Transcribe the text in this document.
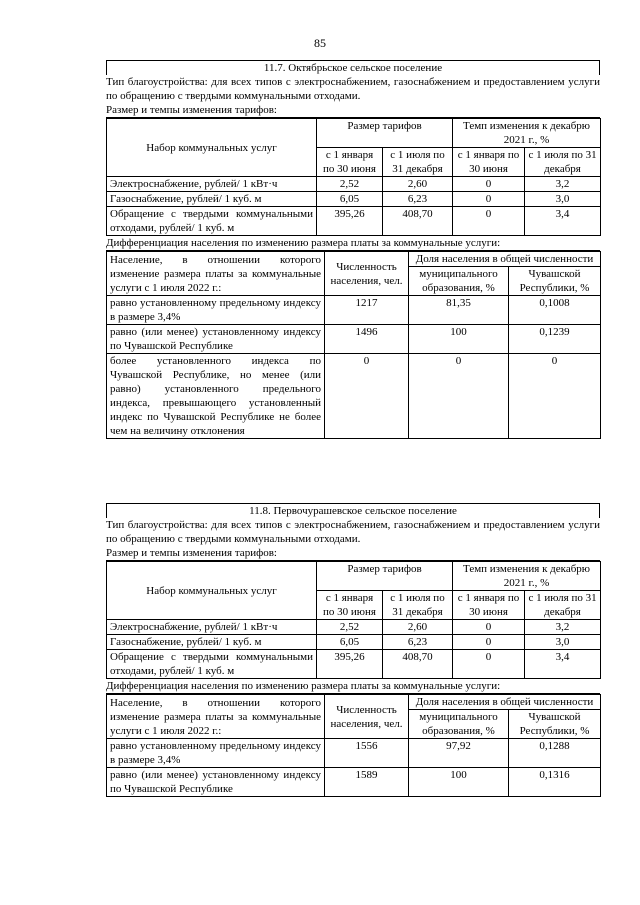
85
11.7. Октябрьское сельское поселение
Тип благоустройства: для всех типов с электроснабжением, газоснабжением и предоставлением услуги по обращению с твердыми коммунальными отходами.
Размер и темпы изменения тарифов:
Набор коммунальных услуг	Размер тарифов		Темп изменения к декабрю 2021 г., %	
	с 1 января по 30 июня	с 1 июля по 31 декабря	с 1 января по 30 июня	с 1 июля по 31 декабря
Электроснабжение, рублей/ 1 кВт·ч	2,52	2,60	0	3,2
Газоснабжение, рублей/ 1 куб. м	6,05	6,23	0	3,0
Обращение с твердыми коммунальными отходами, рублей/ 1 куб. м	395,26	408,70	0	3,4
Дифференциация населения по изменению размера платы за коммунальные услуги:
Население, в отношении которого изменение размера платы за коммунальные услуги с 1 июля 2022 г.:	Численность населения, чел.	Доля населения в общей численности	
		муниципального образования, %	Чувашской Республики, %
равно установленному предельному индексу в размере 3,4%	1217	81,35	0,1008
равно (или менее) установленному индексу по Чувашской Республике	1496	100	0,1239
более установленного индекса по Чувашской Республике, но менее (или равно) установленного предельного индекса, превышающего установленный индекс по Чувашской Республике не более чем на величину отклонения	0	0	0
11.8. Первочурашевское сельское поселение
Тип благоустройства: для всех типов с электроснабжением, газоснабжением и предоставлением услуги по обращению с твердыми коммунальными отходами.
Размер и темпы изменения тарифов:
Набор коммунальных услуг	Размер тарифов		Темп изменения к декабрю 2021 г., %	
	с 1 января по 30 июня	с 1 июля по 31 декабря	с 1 января по 30 июня	с 1 июля по 31 декабря
Электроснабжение, рублей/ 1 кВт·ч	2,52	2,60	0	3,2
Газоснабжение, рублей/ 1 куб. м	6,05	6,23	0	3,0
Обращение с твердыми коммунальными отходами, рублей/ 1 куб. м	395,26	408,70	0	3,4
Дифференциация населения по изменению размера платы за коммунальные услуги:
Население, в отношении которого изменение размера платы за коммунальные услуги с 1 июля 2022 г.:	Численность населения, чел.	Доля населения в общей численности	
		муниципального образования, %	Чувашской Республики, %
равно установленному предельному индексу в размере 3,4%	1556	97,92	0,1288
равно (или менее) установленному индексу по Чувашской Республике	1589	100	0,1316
